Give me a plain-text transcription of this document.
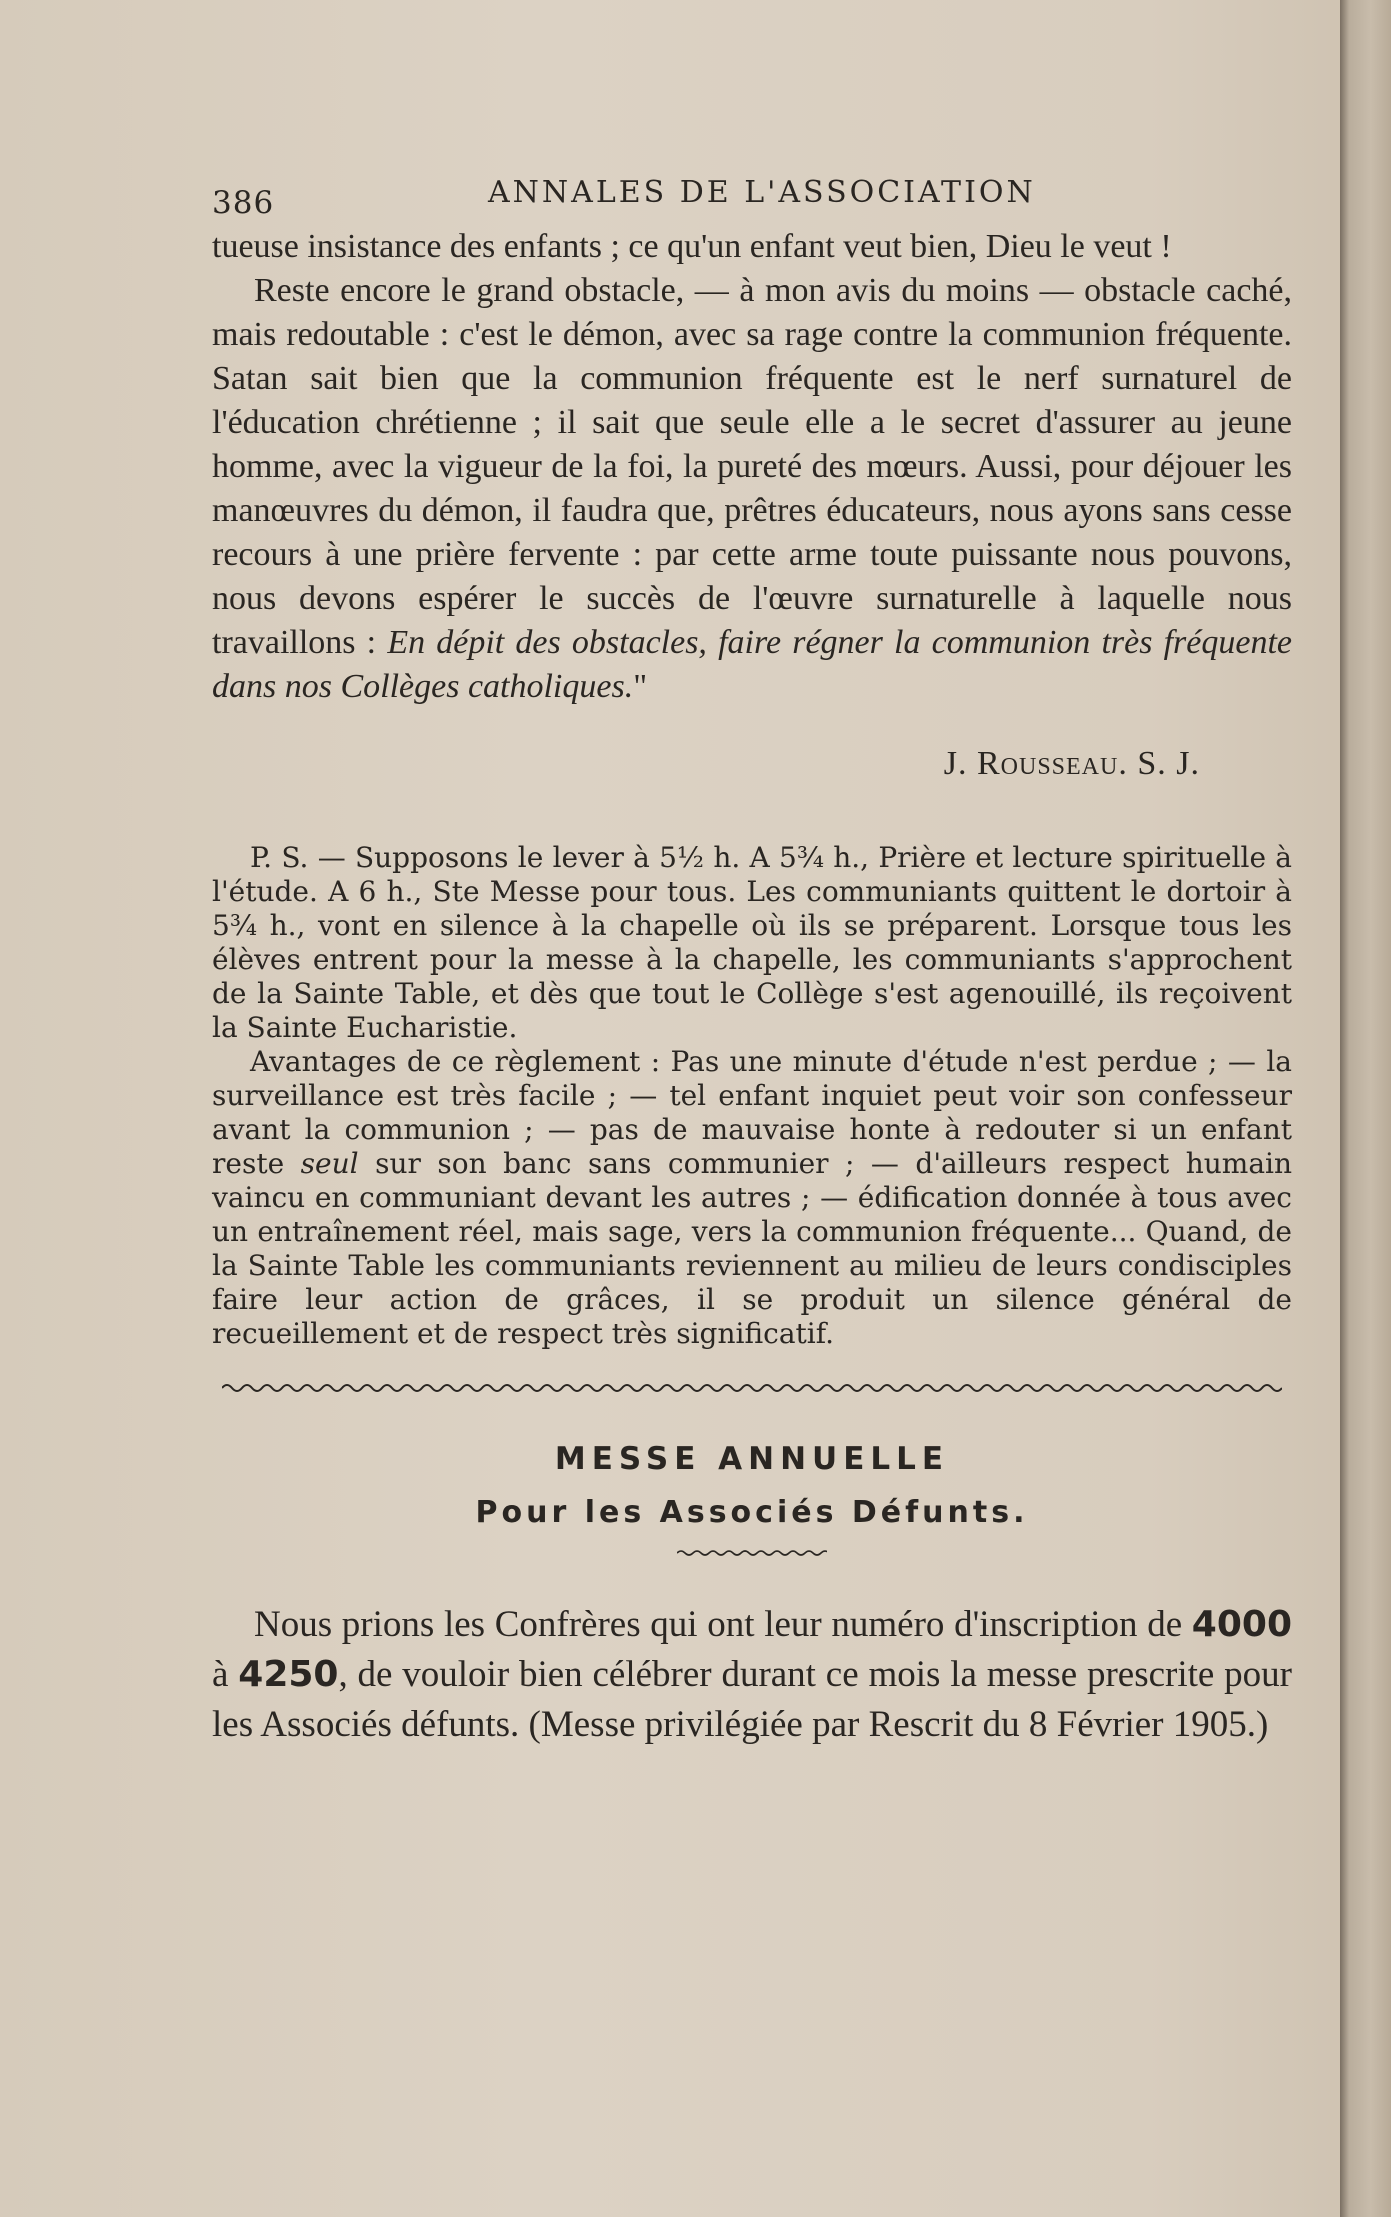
386	ANNALES DE L'ASSOCIATION

tueuse insistance des enfants ; ce qu'un enfant veut bien, Dieu le veut !

Reste encore le grand obstacle, — à mon avis du moins — obstacle caché, mais redoutable : c'est le démon, avec sa rage contre la communion fréquente. Satan sait bien que la communion fréquente est le nerf surnaturel de l'éducation chrétienne ; il sait que seule elle a le secret d'assurer au jeune homme, avec la vigueur de la foi, la pureté des mœurs. Aussi, pour déjouer les manœuvres du démon, il faudra que, prêtres éducateurs, nous ayons sans cesse recours à une prière fervente : par cette arme toute puissante nous pouvons, nous devons espérer le succès de l'œuvre surnaturelle à laquelle nous travaillons : En dépit des obstacles, faire régner la communion très fréquente dans nos Collèges catholiques."

J. Rousseau. S. J.

P. S. — Supposons le lever à 5½ h. A 5¾ h., Prière et lecture spirituelle à l'étude. A 6 h., Ste Messe pour tous. Les communiants quittent le dortoir à 5¾ h., vont en silence à la chapelle où ils se préparent. Lorsque tous les élèves entrent pour la messe à la chapelle, les communiants s'approchent de la Sainte Table, et dès que tout le Collège s'est agenouillé, ils reçoivent la Sainte Eucharistie.

Avantages de ce règlement : Pas une minute d'étude n'est perdue ; — la surveillance est très facile ; — tel enfant inquiet peut voir son confesseur avant la communion ; — pas de mauvaise honte à redouter si un enfant reste seul sur son banc sans communier ; — d'ailleurs respect humain vaincu en communiant devant les autres ; — édification donnée à tous avec un entraînement réel, mais sage, vers la communion fréquente... Quand, de la Sainte Table les communiants reviennent au milieu de leurs condisciples faire leur action de grâces, il se produit un silence général de recueillement et de respect très significatif.

MESSE ANNUELLE
Pour les Associés Défunts.

Nous prions les Confrères qui ont leur numéro d'inscription de 4000 à 4250, de vouloir bien célébrer durant ce mois la messe prescrite pour les Associés défunts. (Messe privilégiée par Rescrit du 8 Février 1905.)
